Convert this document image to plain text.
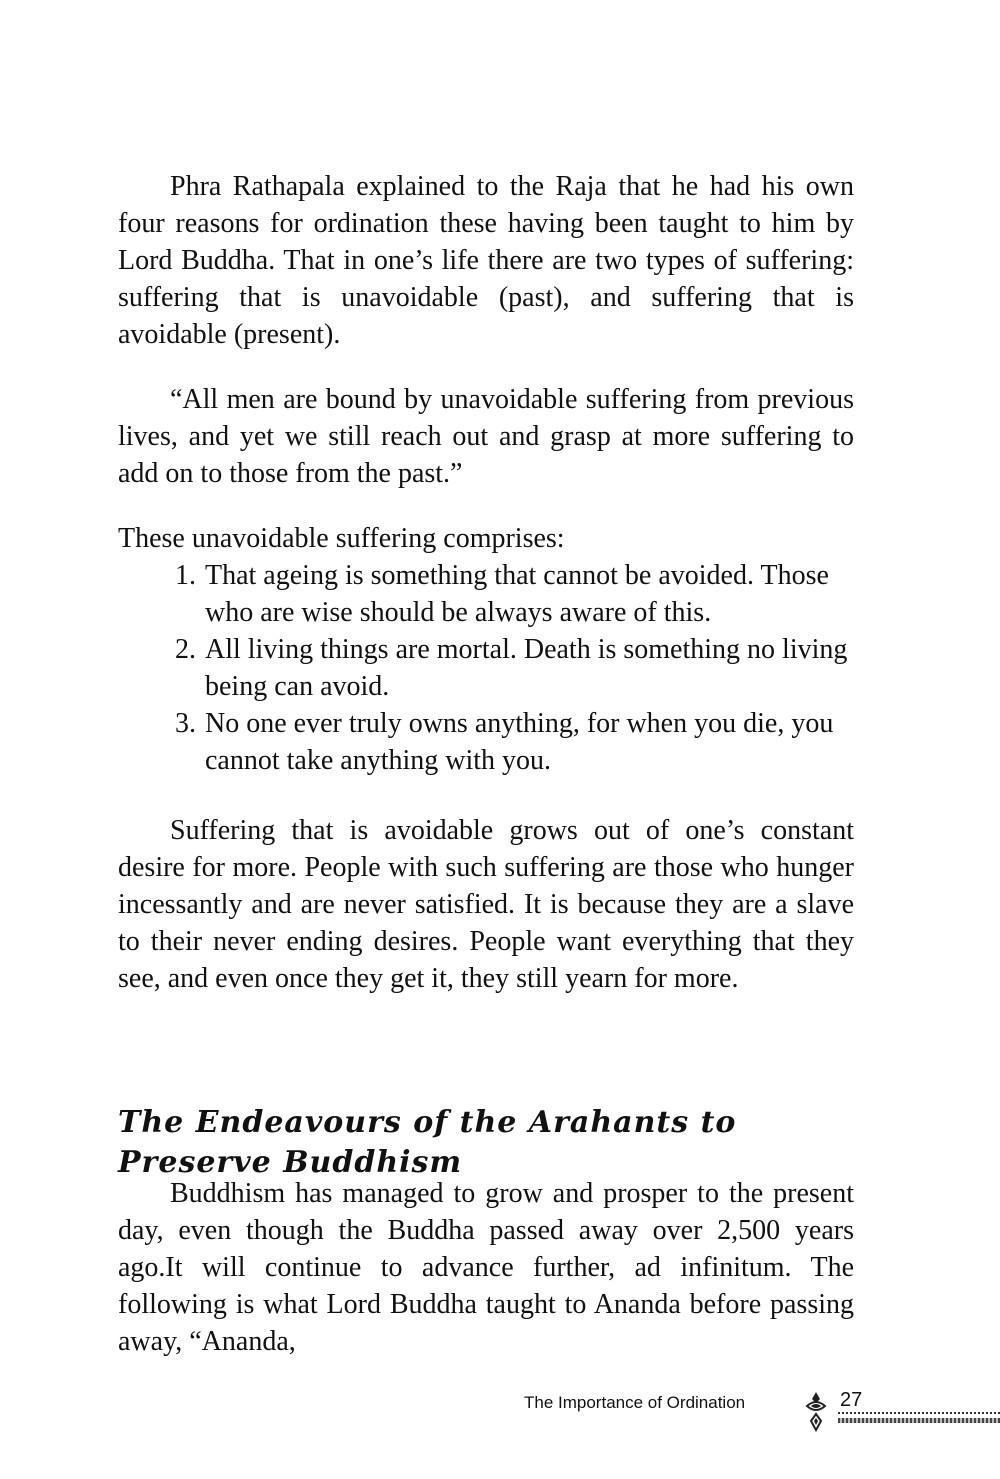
Phra Rathapala explained to the Raja that he had his own four reasons for ordination these having been taught to him by Lord Buddha. That in one’s life there are two types of suffering: suffering that is unavoidable (past), and suffering that is avoidable (present).

“All men are bound by unavoidable suffering from previous lives, and yet we still reach out and grasp at more suffering to add on to those from the past.”

These unavoidable suffering comprises:

1. That ageing is something that cannot be avoided. Those who are wise should be always aware of this.
2. All living things are mortal. Death is something no living being can avoid.
3. No one ever truly owns anything, for when you die, you cannot take anything with you.

Suffering that is avoidable grows out of one’s constant desire for more. People with such suffering are those who hunger incessantly and are never satisfied. It is because they are a slave to their never ending desires. People want everything that they see, and even once they get it, they still yearn for more.

The Endeavours of the Arahants to Preserve Buddhism

Buddhism has managed to grow and prosper to the present day, even though the Buddha passed away over 2,500 years ago.It will continue to advance further, ad infinitum. The following is what Lord Buddha taught to Ananda before passing away, “Ananda,

The Importance of Ordination	27
